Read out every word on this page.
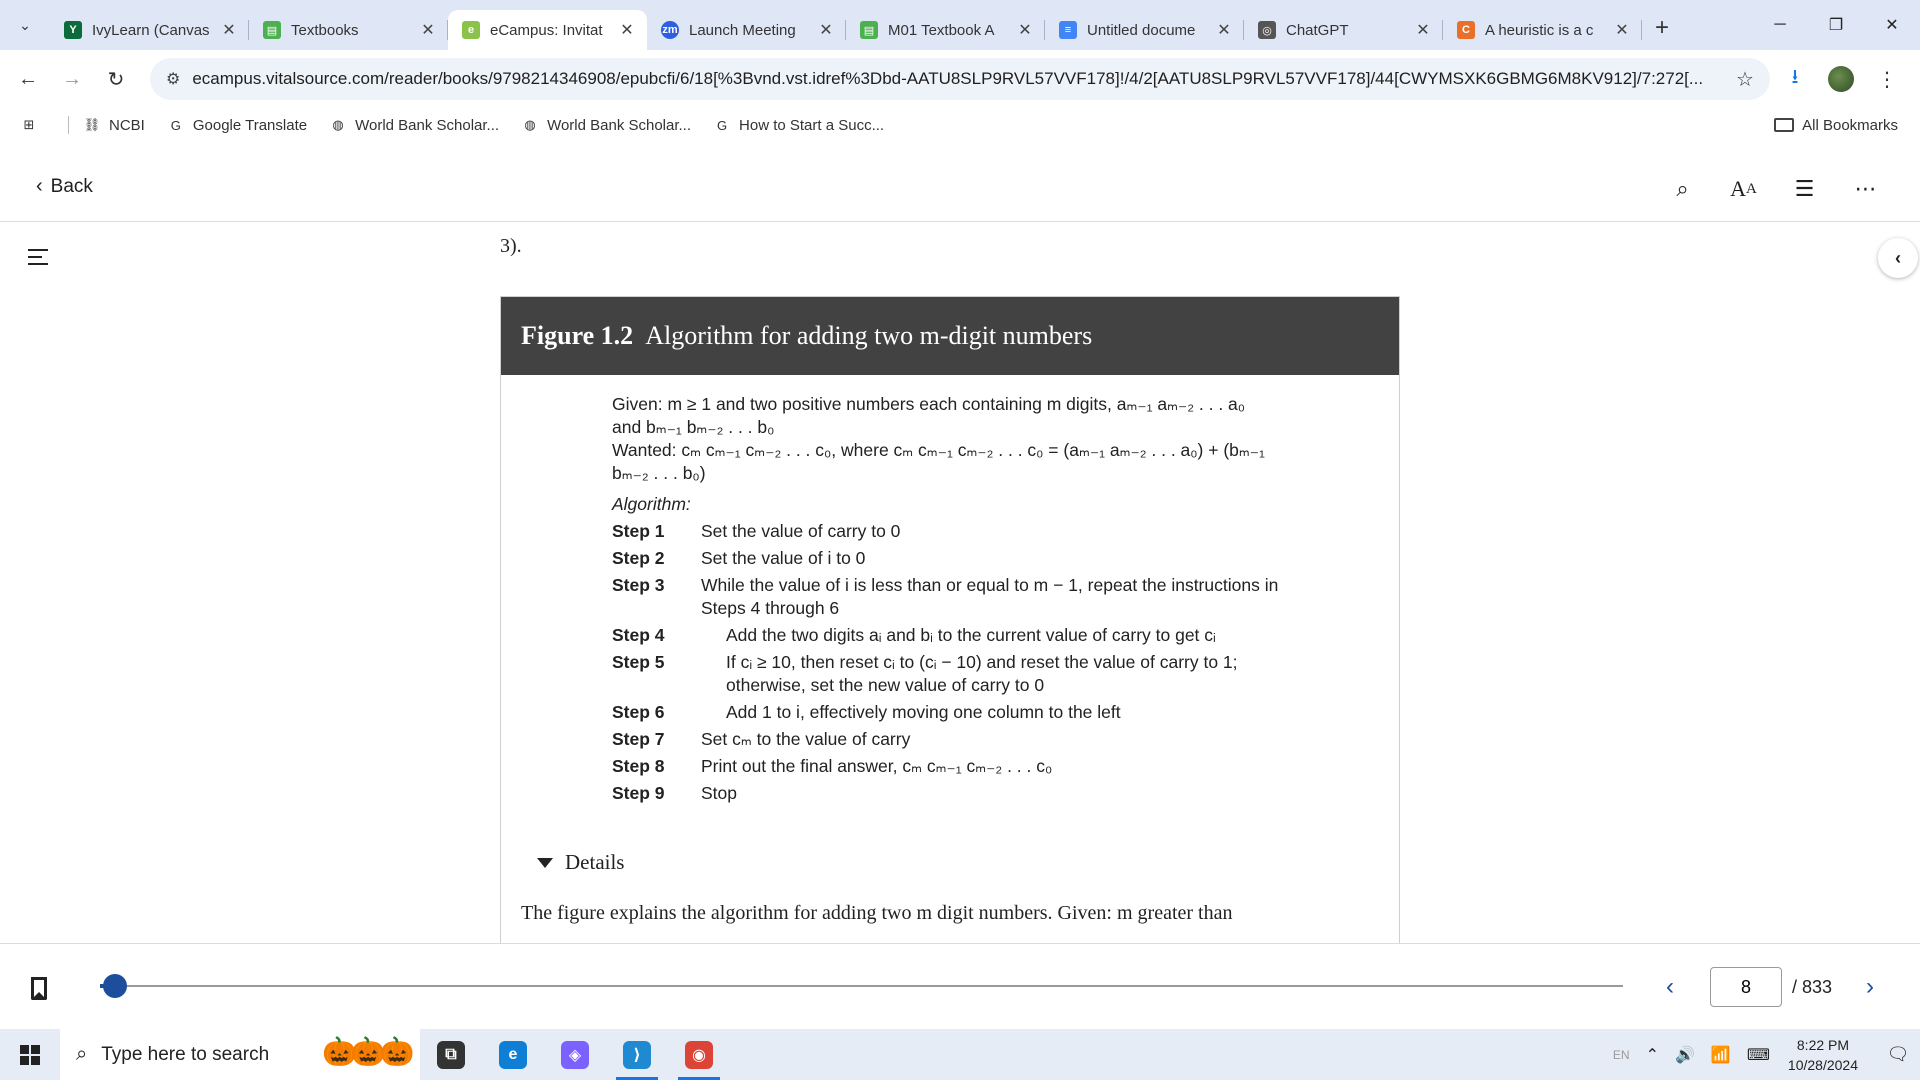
⌄	Y	IvyLearn (Canvas ✕	▤ Textbooks	✕	e	eCampus: Invitat	✕	zm Launch Meeting	✕	▤ M01 Textbook A	✕	≡	Untitled docume	✕	◎ ChatGPT	✕	C	A heuristic is a c	✕	+	─	❐	✕
←	→	↻	⚙ ecampus.vitalsource.com/reader/books/9798214346908/epubcfi/6/18[%3Bvnd.vst.idref%3Dbd-AATU8SLP9RVL57VVF178]!/4/2[AATU8SLP9RVL57VVF178]/44[CWYMSXK6GBMG6M8KV912]/7:272[...	☆	⭳	⋮
⊞	⛓ NCBI	G Google Translate ◍ World Bank Scholar... ◍ World Bank Scholar...	G How to Start a Succ...	All Bookmarks
‹ Back	⌕	A A	☰	⋯
3).
Figure 1.2 Algorithm for adding two m-digit numbers
Given: m ≥ 1 and two positive numbers each containing m digits, aₘ₋₁ aₘ₋₂ . . . a₀
and bₘ₋₁ bₘ₋₂ . . . b₀
Wanted: cₘ cₘ₋₁ cₘ₋₂ . . . c₀, where cₘ cₘ₋₁ cₘ₋₂ . . . c₀ = (aₘ₋₁ aₘ₋₂ . . . a₀) + (bₘ₋₁
bₘ₋₂ . . . b₀)
Algorithm:
Step 1	Set the value of carry to 0
Step 2	Set the value of i to 0
Step 3	While the value of i is less than or equal to m − 1, repeat the instructions in Steps 4 through 6
Step 4	Add the two digits aᵢ and bᵢ to the current value of carry to get cᵢ
Step 5	If cᵢ ≥ 10, then reset cᵢ to (cᵢ − 10) and reset the value of carry to 1; otherwise, set the new value of carry to 0
Step 6	Add 1 to i, effectively moving one column to the left
Step 7	Set cₘ to the value of carry
Step 8	Print out the final answer, cₘ cₘ₋₁ cₘ₋₂ . . . c₀
Step 9	Stop
Details
The figure explains the algorithm for adding two m digit numbers. Given: m greater than
‹
‹
8	/ 833	›
⌕ Type here to search 🎃🎃🎃	⧉	e	◈	⟩	◉	EN ⌃ 🔊 📶 ⌨
8:22 PM
10/28/2024
🗨
